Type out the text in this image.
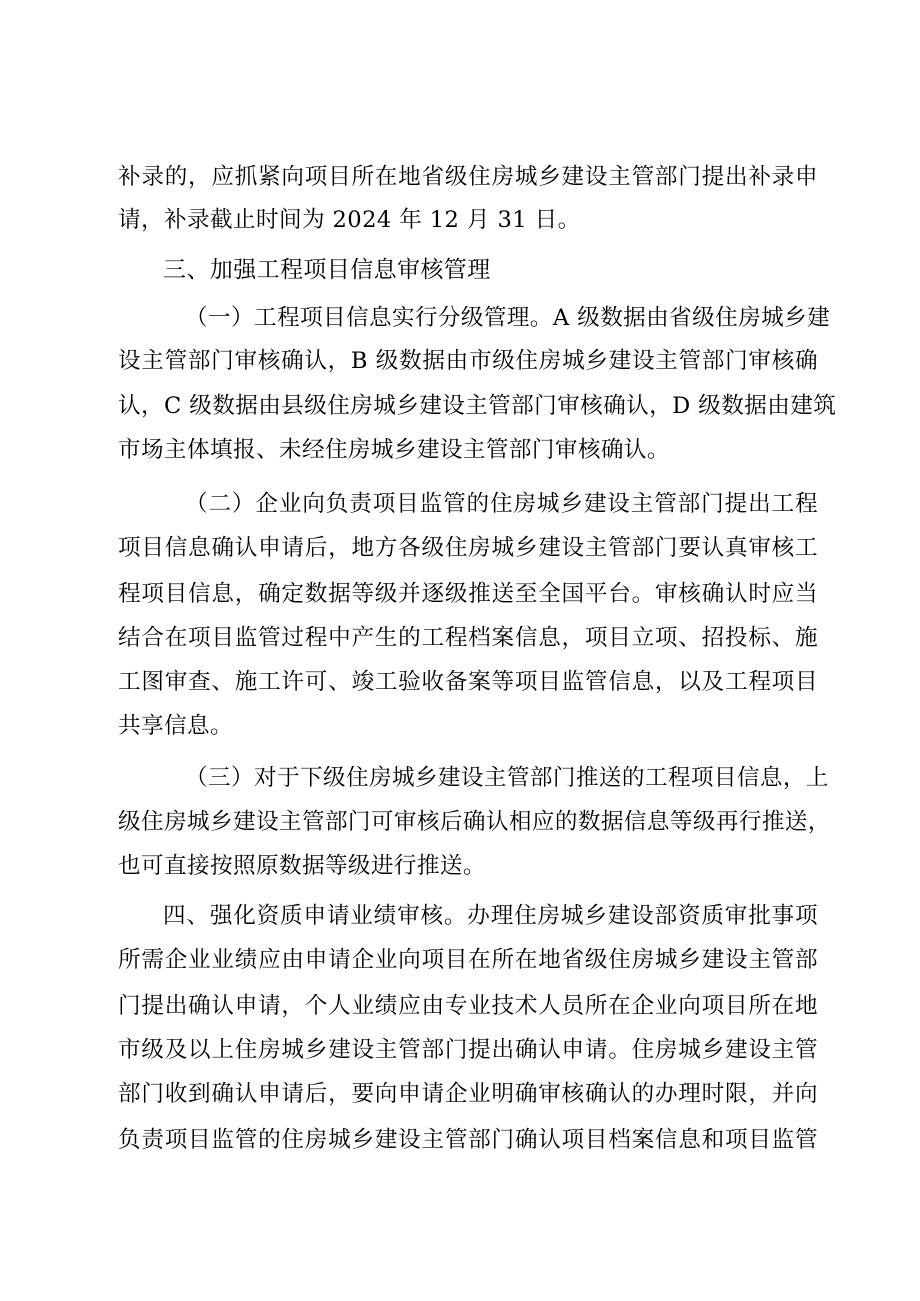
补录的，应抓紧向项目所在地省级住房城乡建设主管部门提出补录申
请，补录截止时间为 2024 年 12 月 31 日。
三、加强工程项目信息审核管理
（一）工程项目信息实行分级管理。A 级数据由省级住房城乡建
设主管部门审核确认，B 级数据由市级住房城乡建设主管部门审核确
认，C 级数据由县级住房城乡建设主管部门审核确认，D 级数据由建筑
市场主体填报、未经住房城乡建设主管部门审核确认。
（二）企业向负责项目监管的住房城乡建设主管部门提出工程
项目信息确认申请后，地方各级住房城乡建设主管部门要认真审核工
程项目信息，确定数据等级并逐级推送至全国平台。审核确认时应当
结合在项目监管过程中产生的工程档案信息，项目立项、招投标、施
工图审查、施工许可、竣工验收备案等项目监管信息，以及工程项目
共享信息。
（三）对于下级住房城乡建设主管部门推送的工程项目信息，上
级住房城乡建设主管部门可审核后确认相应的数据信息等级再行推送，
也可直接按照原数据等级进行推送。
四、强化资质申请业绩审核。办理住房城乡建设部资质审批事项
所需企业业绩应由申请企业向项目在所在地省级住房城乡建设主管部
门提出确认申请，个人业绩应由专业技术人员所在企业向项目所在地
市级及以上住房城乡建设主管部门提出确认申请。住房城乡建设主管
部门收到确认申请后，要向申请企业明确审核确认的办理时限，并向
负责项目监管的住房城乡建设主管部门确认项目档案信息和项目监管
